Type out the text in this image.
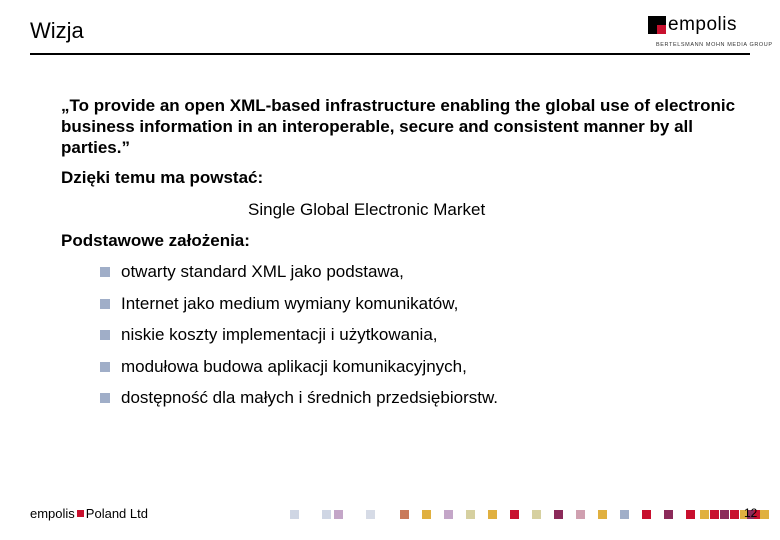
Wizja	empolis
BERTELSMANN MOHN MEDIA GROUP
„To provide an open XML-based infrastructure enabling the global use of electronic business information in an interoperable, secure and consistent manner by all parties.”
Dzięki temu ma powstać:
Single Global Electronic Market
Podstawowe założenia:
otwarty standard XML jako podstawa,
Internet jako medium wymiany komunikatów,
niskie koszty implementacji i użytkowania,
modułowa budowa aplikacji komunikacyjnych,
dostępność dla małych i średnich przedsiębiorstw.
empolis Poland Ltd	12
